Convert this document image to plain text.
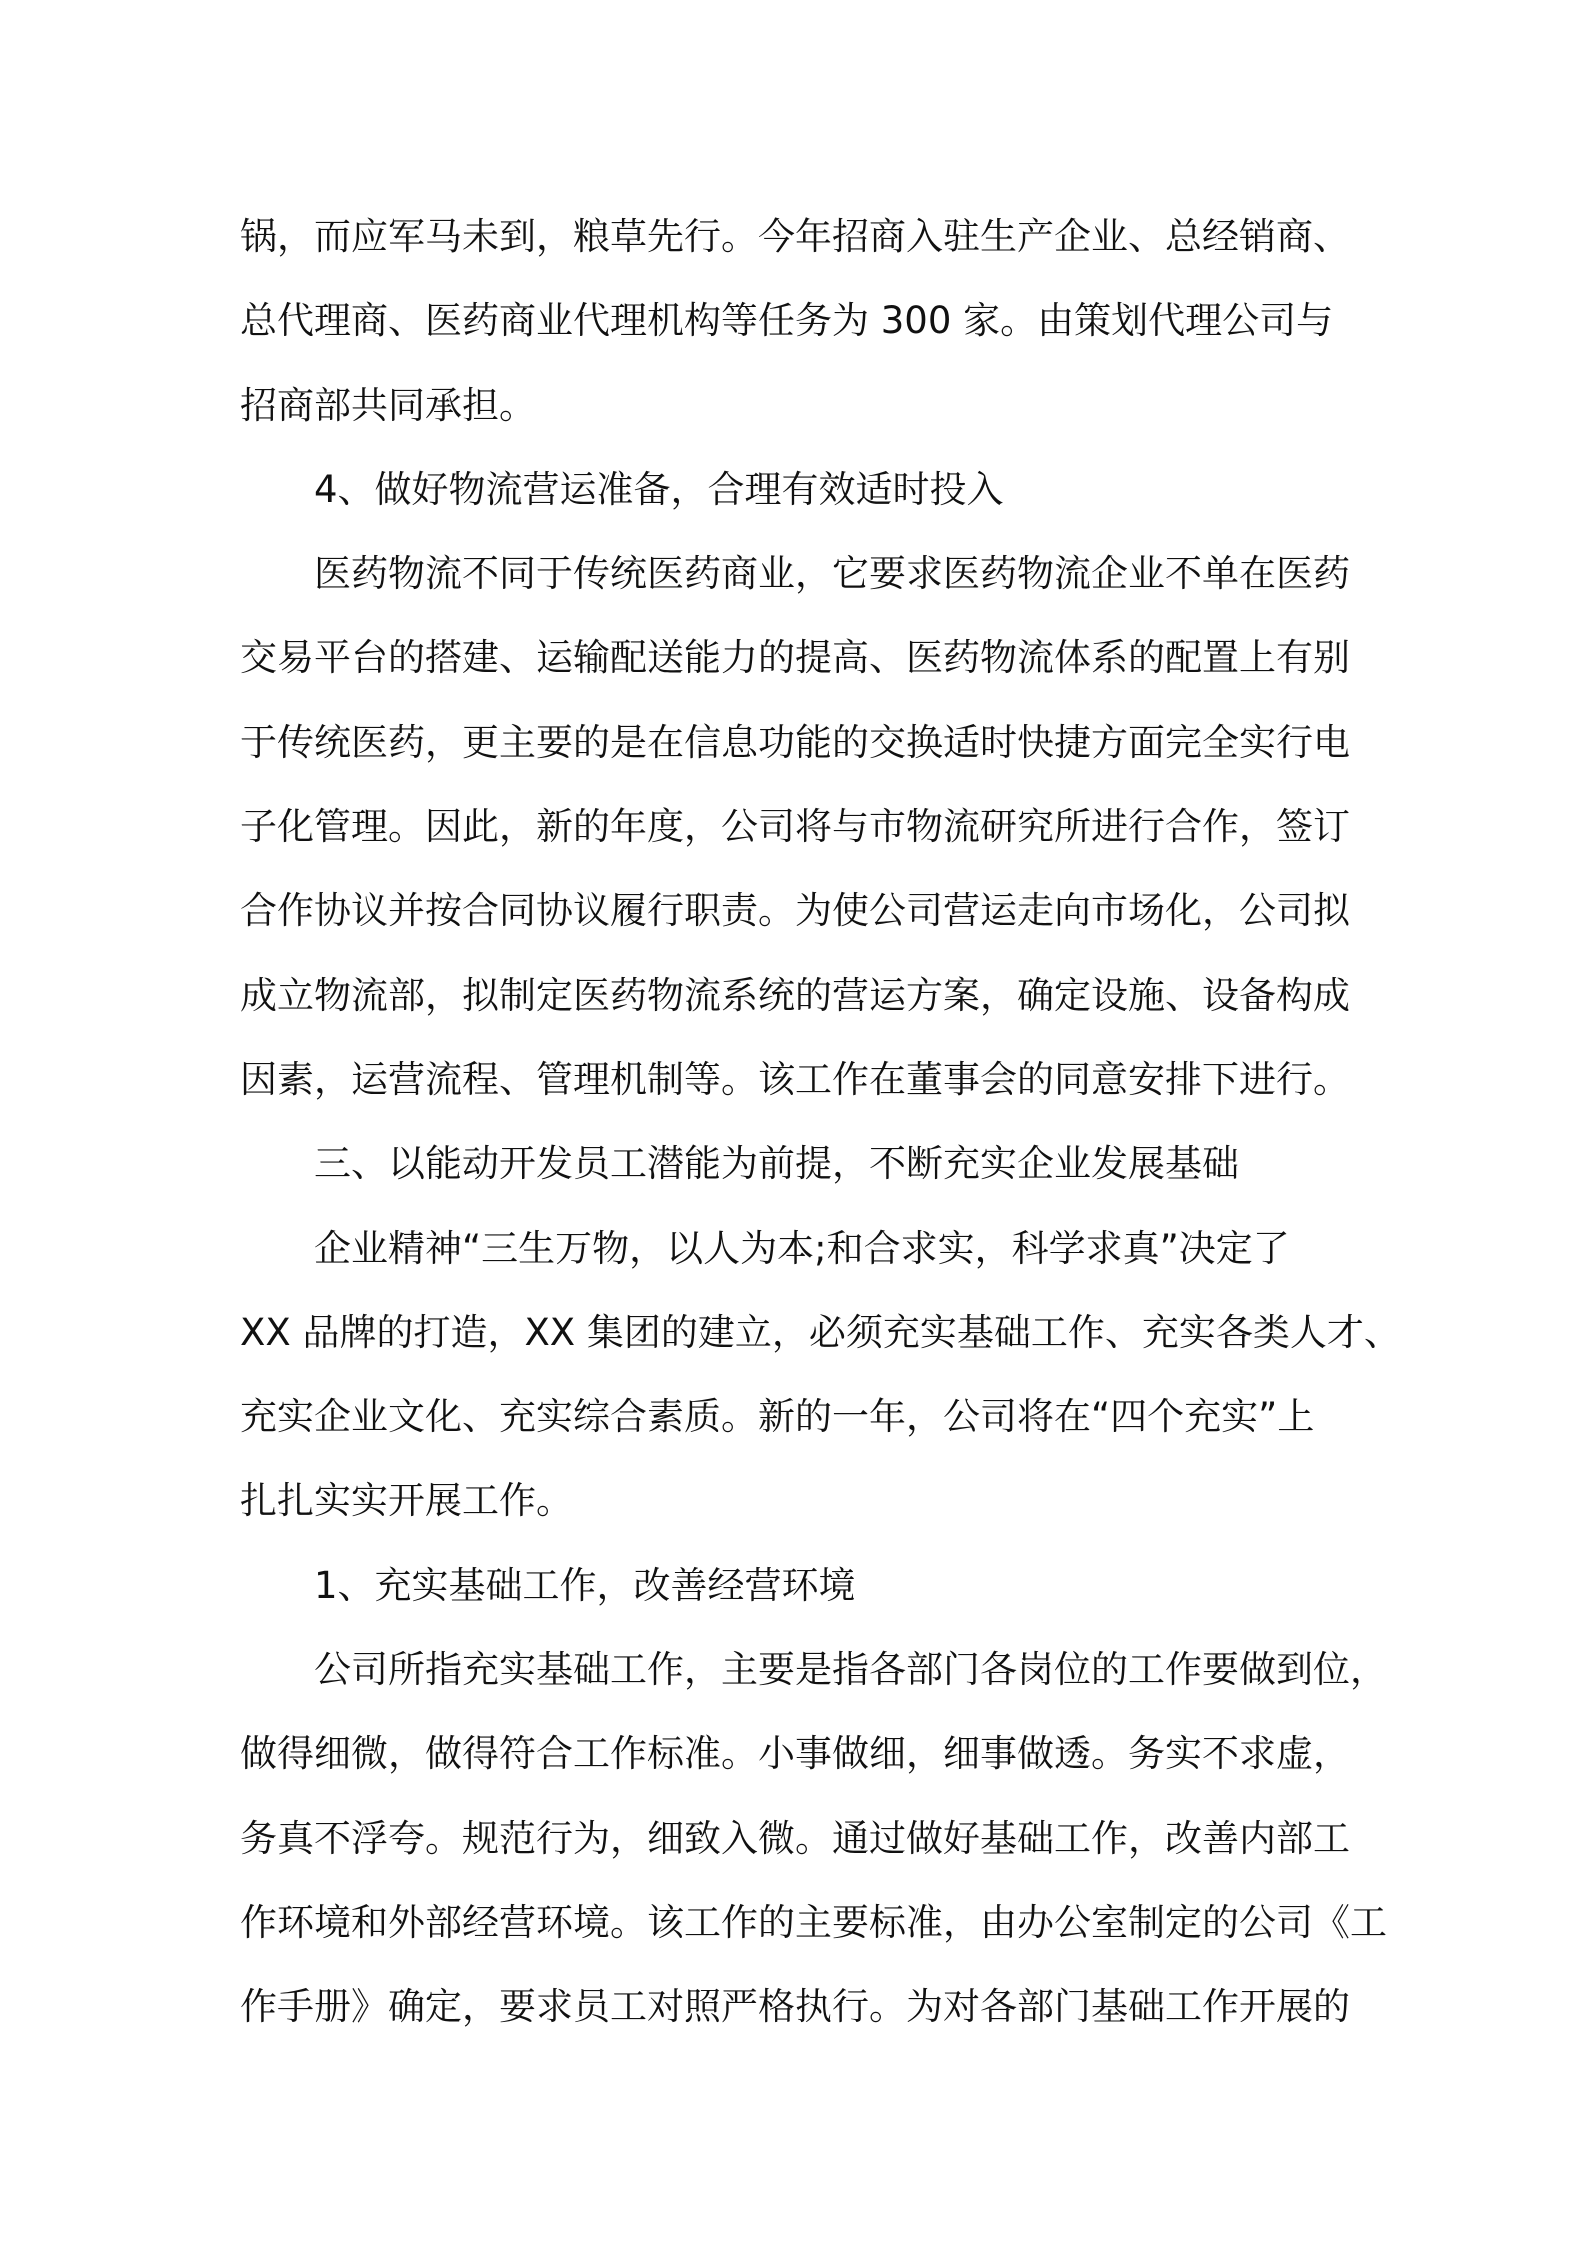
锅，而应军马未到，粮草先行。今年招商入驻生产企业、总经销商、

总代理商、医药商业代理机构等任务为 300 家。由策划代理公司与

招商部共同承担。

4、做好物流营运准备，合理有效适时投入

医药物流不同于传统医药商业，它要求医药物流企业不单在医药

交易平台的搭建、运输配送能力的提高、医药物流体系的配置上有别

于传统医药，更主要的是在信息功能的交换适时快捷方面完全实行电

子化管理。因此，新的年度，公司将与市物流研究所进行合作，签订

合作协议并按合同协议履行职责。为使公司营运走向市场化，公司拟

成立物流部，拟制定医药物流系统的营运方案，确定设施、设备构成

因素，运营流程、管理机制等。该工作在董事会的同意安排下进行。

三、以能动开发员工潜能为前提，不断充实企业发展基础

企业精神“三生万物，以人为本;和合求实，科学求真”决定了

XX 品牌的打造，XX 集团的建立，必须充实基础工作、充实各类人才、

充实企业文化、充实综合素质。新的一年，公司将在“四个充实”上

扎扎实实开展工作。

1、充实基础工作，改善经营环境

公司所指充实基础工作，主要是指各部门各岗位的工作要做到位，

做得细微，做得符合工作标准。小事做细，细事做透。务实不求虚，

务真不浮夸。规范行为，细致入微。通过做好基础工作，改善内部工

作环境和外部经营环境。该工作的主要标准，由办公室制定的公司《工

作手册》确定，要求员工对照严格执行。为对各部门基础工作开展的
